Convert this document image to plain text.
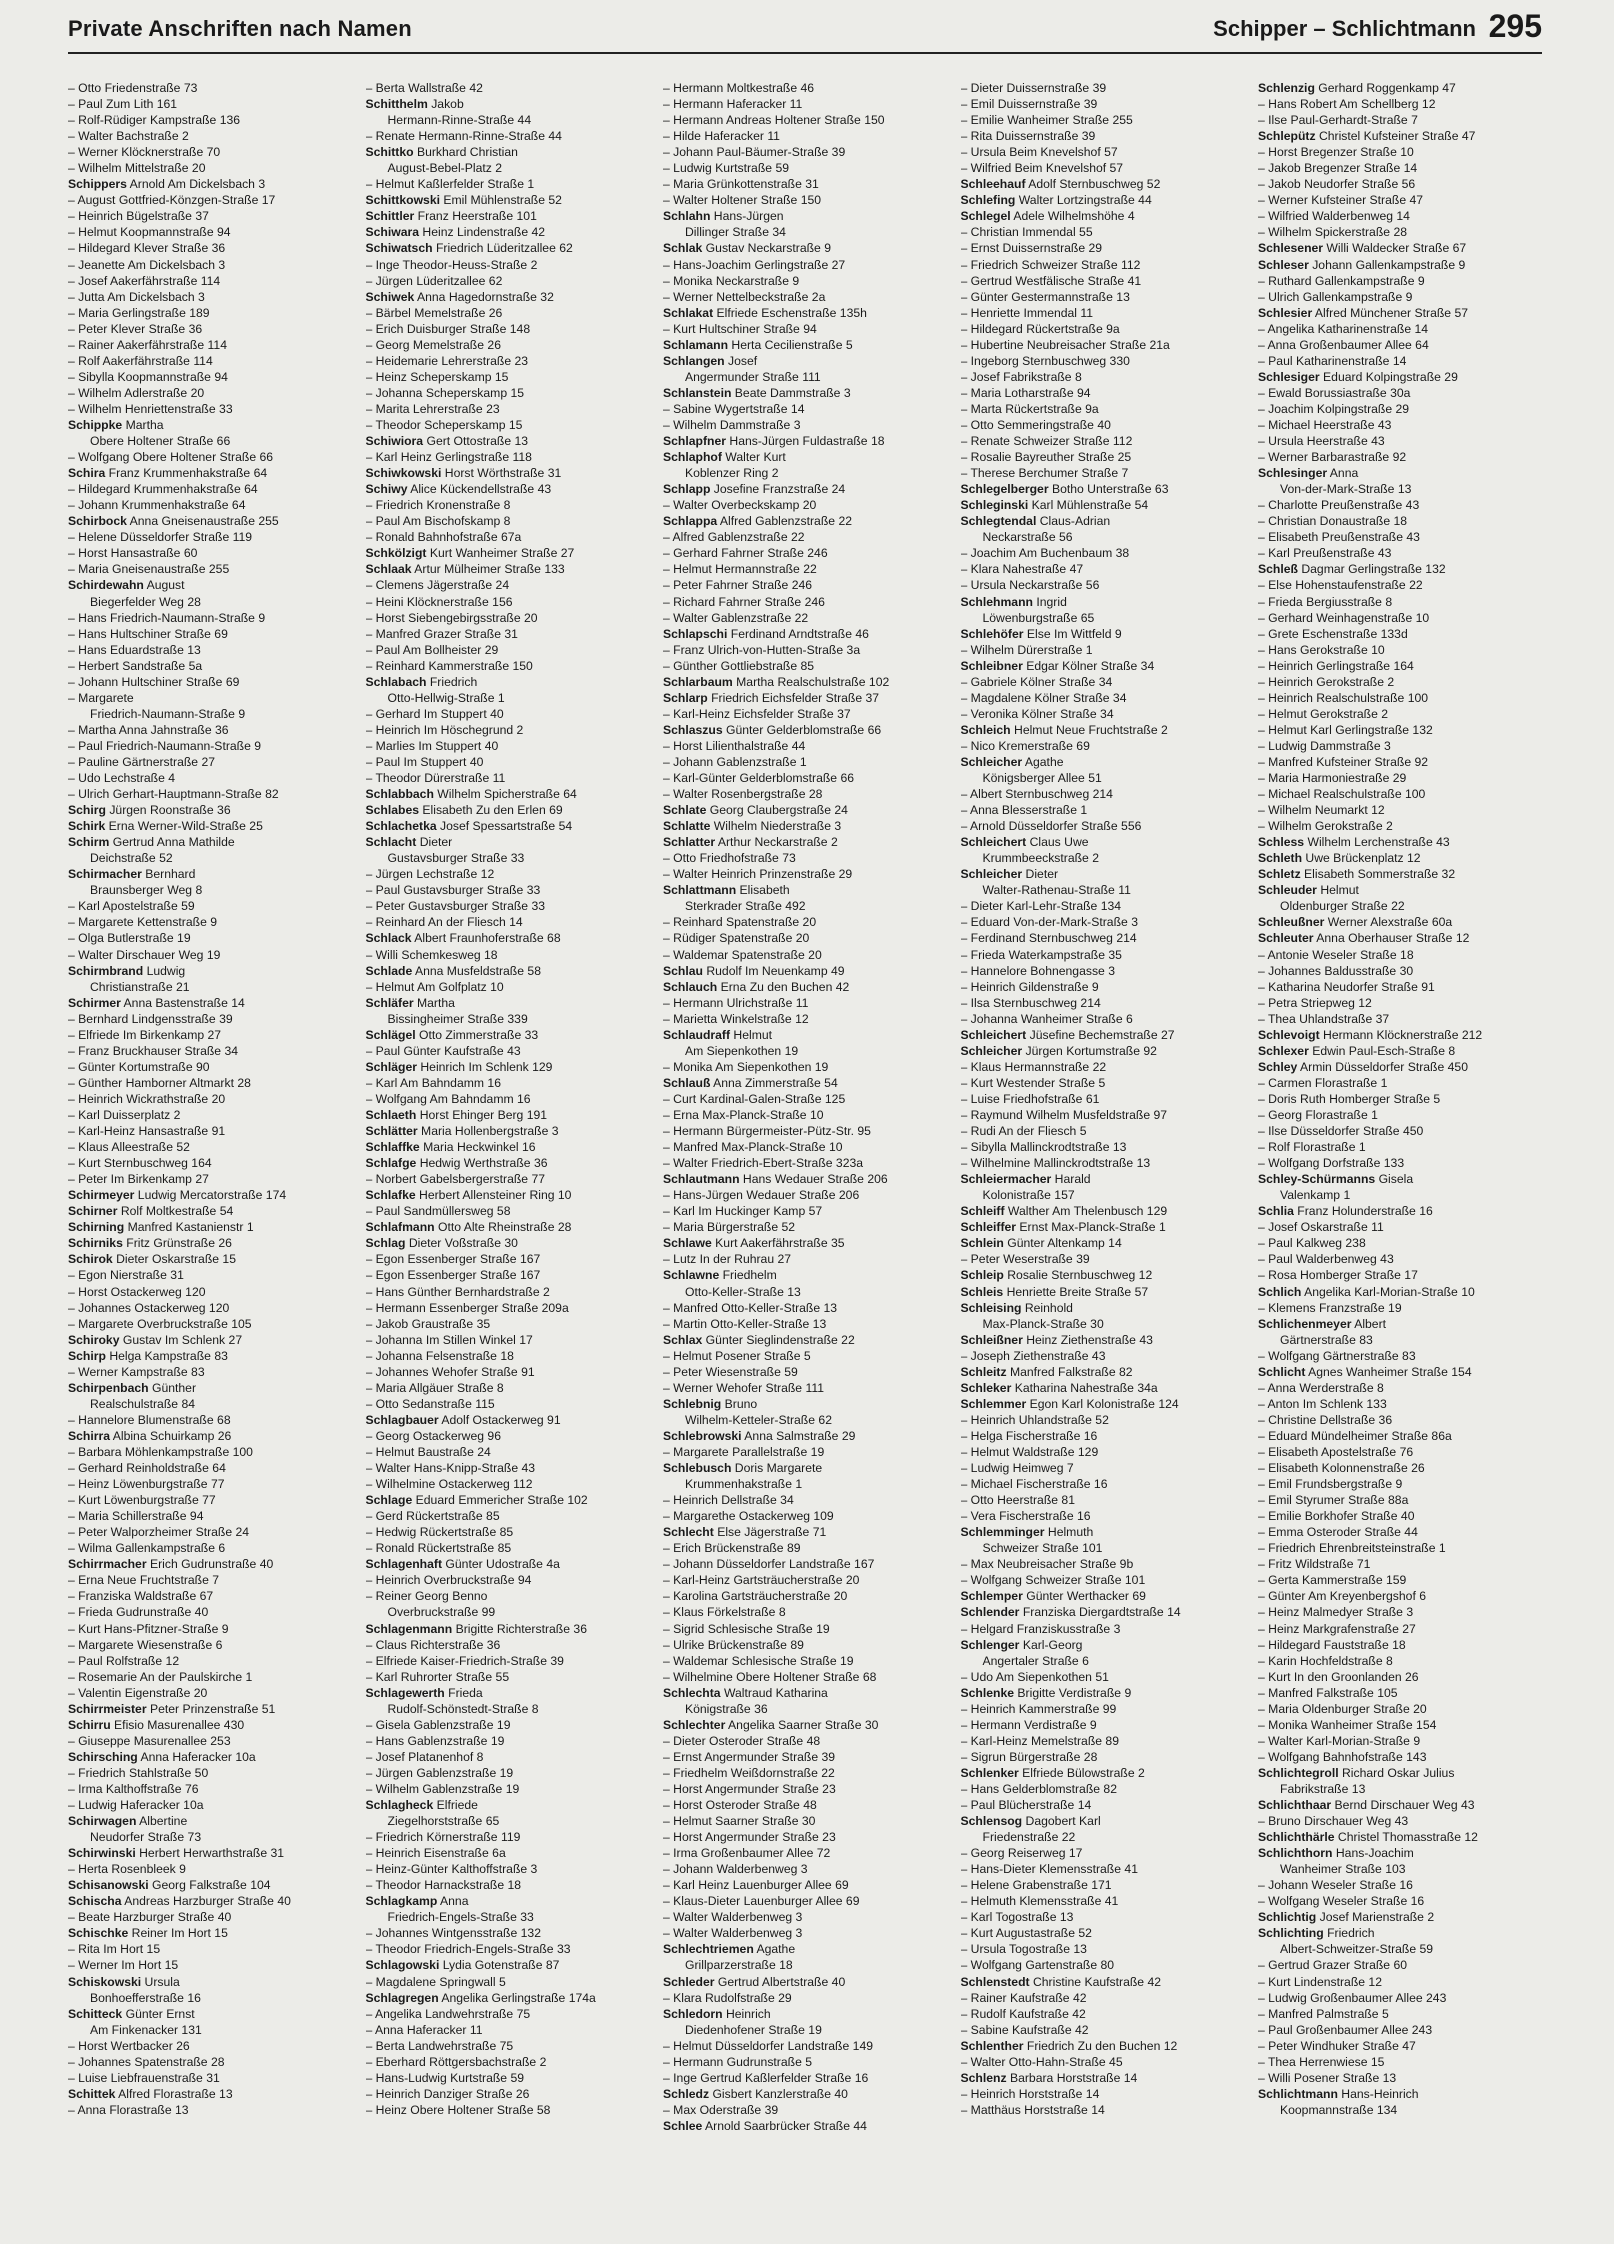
Private Anschriften nach Namen	Schipper – Schlichtmann 295
– Otto Friedenstraße 73
– Paul Zum Lith 161
– Rolf-Rüdiger Kampstraße 136
– Walter Bachstraße 2
– Werner Klöcknerstraße 70
– Wilhelm Mittelstraße 20
Schippers Arnold Am Dickelsbach 3
– August Gottfried-Könzgen-Straße 17
– Heinrich Bügelstraße 37
– Helmut Koopmannstraße 94
– Hildegard Klever Straße 36
– Jeanette Am Dickelsbach 3
– Josef Aakerfährstraße 114
– Jutta Am Dickelsbach 3
– Maria Gerlingstraße 189
– Peter Klever Straße 36
– Rainer Aakerfährstraße 114
– Rolf Aakerfährstraße 114
– Sibylla Koopmannstraße 94
– Wilhelm Adlerstraße 20
– Wilhelm Henriettenstraße 33
Schippke Martha
Obere Holtener Straße 66
– Wolfgang Obere Holtener Straße 66
Schira Franz Krummenhakstraße 64
– Hildegard Krummenhakstraße 64
– Johann Krummenhakstraße 64
Schirbock Anna Gneisenaustraße 255
– Helene Düsseldorfer Straße 119
– Horst Hansastraße 60
– Maria Gneisenaustraße 255
Schirdewahn August
Biegerfelder Weg 28
– Hans Friedrich-Naumann-Straße 9
– Hans Hultschiner Straße 69
– Hans Eduardstraße 13
– Herbert Sandstraße 5a
– Johann Hultschiner Straße 69
– Margarete
Friedrich-Naumann-Straße 9
– Martha Anna Jahnstraße 36
– Paul Friedrich-Naumann-Straße 9
– Pauline Gärtnerstraße 27
– Udo Lechstraße 4
– Ulrich Gerhart-Hauptmann-Straße 82
Schirg Jürgen Roonstraße 36
Schirk Erna Werner-Wild-Straße 25
Schirm Gertrud Anna Mathilde
Deichstraße 52
Schirmacher Bernhard
Braunsberger Weg 8
– Karl Apostelstraße 59
– Margarete Kettenstraße 9
– Olga Butlerstraße 19
– Walter Dirschauer Weg 19
Schirmbrand Ludwig
Christianstraße 21
Schirmer Anna Bastenstraße 14
– Bernhard Lindgensstraße 39
– Elfriede Im Birkenkamp 27
– Franz Bruckhauser Straße 34
– Günter Kortumstraße 90
– Günther Hamborner Altmarkt 28
– Heinrich Wickrathstraße 20
– Karl Duisserplatz 2
– Karl-Heinz Hansastraße 91
– Klaus Alleestraße 52
– Kurt Sternbuschweg 164
– Peter Im Birkenkamp 27
Schirmeyer Ludwig Mercatorstraße 174
Schirner Rolf Moltkestraße 54
Schirning Manfred Kastanienstr 1
Schirniks Fritz Grünstraße 26
Schirok Dieter Oskarstraße 15
– Egon Nierstraße 31
– Horst Ostackerweg 120
– Johannes Ostackerweg 120
– Margarete Overbruckstraße 105
Schiroky Gustav Im Schlenk 27
Schirp Helga Kampstraße 83
– Werner Kampstraße 83
Schirpenbach Günther
Realschulstraße 84
– Hannelore Blumenstraße 68
Schirra Albina Schuirkamp 26
– Barbara Möhlenkampstraße 100
– Gerhard Reinholdstraße 64
– Heinz Löwenburgstraße 77
– Kurt Löwenburgstraße 77
– Maria Schillerstraße 94
– Peter Walporzheimer Straße 24
– Wilma Gallenkampstraße 6
Schirrmacher Erich Gudrunstraße 40
– Erna Neue Fruchtstraße 7
– Franziska Waldstraße 67
– Frieda Gudrunstraße 40
– Kurt Hans-Pfitzner-Straße 9
– Margarete Wiesenstraße 6
– Paul Rolfstraße 12
– Rosemarie An der Paulskirche 1
– Valentin Eigenstraße 20
Schirrmeister Peter Prinzenstraße 51
Schirru Efisio Masurenallee 430
– Giuseppe Masurenallee 253
Schirsching Anna Haferacker 10a
– Friedrich Stahlstraße 50
– Irma Kalthoffstraße 76
– Ludwig Haferacker 10a
Schirwagen Albertine
Neudorfer Straße 73
Schirwinski Herbert Herwarthstraße 31
– Herta Rosenbleek 9
Schisanowski Georg Falkstraße 104
Schischa Andreas Harzburger Straße 40
– Beate Harzburger Straße 40
Schischke Reiner Im Hort 15
– Rita Im Hort 15
– Werner Im Hort 15
Schiskowski Ursula
Bonhoefferstraße 16
Schitteck Günter Ernst
Am Finkenacker 131
– Horst Wertbacker 26
– Johannes Spatenstraße 28
– Luise Liebfrauenstraße 31
Schittek Alfred Florastraße 13
– Anna Florastraße 13
– Berta Wallstraße 42
Schitthelm Jakob
Hermann-Rinne-Straße 44
– Renate Hermann-Rinne-Straße 44
Schittko Burkhard Christian
August-Bebel-Platz 2
– Helmut Kaßlerfelder Straße 1
Schittkowski Emil Mühlenstraße 52
Schittler Franz Heerstraße 101
Schiwara Heinz Lindenstraße 42
Schiwatsch Friedrich Lüderitzallee 62
– Inge Theodor-Heuss-Straße 2
– Jürgen Lüderitzallee 62
Schiwek Anna Hagedornstraße 32
– Bärbel Memelstraße 26
– Erich Duisburger Straße 148
– Georg Memelstraße 26
– Heidemarie Lehrerstraße 23
– Heinz Scheperskamp 15
– Johanna Scheperskamp 15
– Marita Lehrerstraße 23
– Theodor Scheperskamp 15
Schiwiora Gert Ottostraße 13
– Karl Heinz Gerlingstraße 118
Schiwkowski Horst Wörthstraße 31
Schiwy Alice Kückendellstraße 43
– Friedrich Kronenstraße 8
– Paul Am Bischofskamp 8
– Ronald Bahnhofstraße 67a
Schkölzigt Kurt Wanheimer Straße 27
Schlaak Artur Mülheimer Straße 133
– Clemens Jägerstraße 24
– Heini Klöcknerstraße 156
– Horst Siebengebirgsstraße 20
– Manfred Grazer Straße 31
– Paul Am Bollheister 29
– Reinhard Kammerstraße 150
Schlabach Friedrich
Otto-Hellwig-Straße 1
– Gerhard Im Stuppert 40
– Heinrich Im Höschegrund 2
– Marlies Im Stuppert 40
– Paul Im Stuppert 40
– Theodor Dürerstraße 11
Schlabbach Wilhelm Spicherstraße 64
Schlabes Elisabeth Zu den Erlen 69
Schlachetka Josef Spessartstraße 54
Schlacht Dieter
Gustavsburger Straße 33
– Jürgen Lechstraße 12
– Paul Gustavsburger Straße 33
– Peter Gustavsburger Straße 33
– Reinhard An der Fliesch 14
Schlack Albert Fraunhoferstraße 68
– Willi Schemkesweg 18
Schlade Anna Musfeldstraße 58
– Helmut Am Golfplatz 10
Schläfer Martha
Bissingheimer Straße 339
Schlägel Otto Zimmerstraße 33
– Paul Günter Kaufstraße 43
Schläger Heinrich Im Schlenk 129
– Karl Am Bahndamm 16
– Wolfgang Am Bahndamm 16
Schlaeth Horst Ehinger Berg 191
Schlätter Maria Hollenbergstraße 3
Schlaffke Maria Heckwinkel 16
Schlafge Hedwig Werthstraße 36
– Norbert Gabelsbergerstraße 77
Schlafke Herbert Allensteiner Ring 10
– Paul Sandmüllersweg 58
Schlafmann Otto Alte Rheinstraße 28
Schlag Dieter Voßstraße 30
– Egon Essenberger Straße 167
– Egon Essenberger Straße 167
– Hans Günther Bernhardstraße 2
– Hermann Essenberger Straße 209a
– Jakob Graustraße 35
– Johanna Im Stillen Winkel 17
– Johanna Felsenstraße 18
– Johannes Wehofer Straße 91
– Maria Allgäuer Straße 8
– Otto Sedanstraße 115
Schlagbauer Adolf Ostackerweg 91
– Georg Ostackerweg 96
– Helmut Baustraße 24
– Walter Hans-Knipp-Straße 43
– Wilhelmine Ostackerweg 112
Schlage Eduard Emmericher Straße 102
– Gerd Rückertstraße 85
– Hedwig Rückertstraße 85
– Ronald Rückertstraße 85
Schlagenhaft Günter Udostraße 4a
– Heinrich Overbruckstraße 94
– Reiner Georg Benno
Overbruckstraße 99
Schlagenmann Brigitte Richterstraße 36
– Claus Richterstraße 36
– Elfriede Kaiser-Friedrich-Straße 39
– Karl Ruhrorter Straße 55
Schlagewerth Frieda
Rudolf-Schönstedt-Straße 8
– Gisela Gablenzstraße 19
– Hans Gablenzstraße 19
– Josef Platanenhof 8
– Jürgen Gablenzstraße 19
– Wilhelm Gablenzstraße 19
Schlagheck Elfriede
Ziegelhorststraße 65
– Friedrich Körnerstraße 119
– Heinrich Eisenstraße 6a
– Heinz-Günter Kalthoffstraße 3
– Theodor Harnackstraße 18
Schlagkamp Anna
Friedrich-Engels-Straße 33
– Johannes Wintgensstraße 132
– Theodor Friedrich-Engels-Straße 33
Schlagowski Lydia Gotenstraße 87
– Magdalene Springwall 5
Schlagregen Angelika Gerlingstraße 174a
– Angelika Landwehrstraße 75
– Anna Haferacker 11
– Berta Landwehrstraße 75
– Eberhard Röttgersbachstraße 2
– Hans-Ludwig Kurtstraße 59
– Heinrich Danziger Straße 26
– Heinz Obere Holtener Straße 58
– Hermann Moltkestraße 46
– Hermann Haferacker 11
– Hermann Andreas Holtener Straße 150
– Hilde Haferacker 11
– Johann Paul-Bäumer-Straße 39
– Ludwig Kurtstraße 59
– Maria Grünkottenstraße 31
– Walter Holtener Straße 150
Schlahn Hans-Jürgen
Dillinger Straße 34
Schlak Gustav Neckarstraße 9
– Hans-Joachim Gerlingstraße 27
– Monika Neckarstraße 9
– Werner Nettelbeckstraße 2a
Schlakat Elfriede Eschenstraße 135h
– Kurt Hultschiner Straße 94
Schlamann Herta Cecilienstraße 5
Schlangen Josef
Angermunder Straße 111
Schlanstein Beate Dammstraße 3
– Sabine Wygertstraße 14
– Wilhelm Dammstraße 3
Schlapfner Hans-Jürgen Fuldastraße 18
Schlaphof Walter Kurt
Koblenzer Ring 2
Schlapp Josefine Franzstraße 24
– Walter Overbeckskamp 20
Schlappa Alfred Gablenzstraße 22
– Alfred Gablenzstraße 22
– Gerhard Fahrner Straße 246
– Helmut Hermannstraße 22
– Peter Fahrner Straße 246
– Richard Fahrner Straße 246
– Walter Gablenzstraße 22
Schlapschi Ferdinand Arndtstraße 46
– Franz Ulrich-von-Hutten-Straße 3a
– Günther Gottliebstraße 85
Schlarbaum Martha Realschulstraße 102
Schlarp Friedrich Eichsfelder Straße 37
– Karl-Heinz Eichsfelder Straße 37
Schlaszus Günter Gelderblomstraße 66
– Horst Lilienthalstraße 44
– Johann Gablenzstraße 1
– Karl-Günter Gelderblomstraße 66
– Walter Rosenbergstraße 28
Schlate Georg Claubergstraße 24
Schlatte Wilhelm Niederstraße 3
Schlatter Arthur Neckarstraße 2
– Otto Friedhofstraße 73
– Walter Heinrich Prinzenstraße 29
Schlattmann Elisabeth
Sterkrader Straße 492
– Reinhard Spatenstraße 20
– Rüdiger Spatenstraße 20
– Waldemar Spatenstraße 20
Schlau Rudolf Im Neuenkamp 49
Schlauch Erna Zu den Buchen 42
– Hermann Ulrichstraße 11
– Marietta Winkelstraße 12
Schlaudraff Helmut
Am Siepenkothen 19
– Monika Am Siepenkothen 19
Schlauß Anna Zimmerstraße 54
– Curt Kardinal-Galen-Straße 125
– Erna Max-Planck-Straße 10
– Hermann Bürgermeister-Pütz-Str. 95
– Manfred Max-Planck-Straße 10
– Walter Friedrich-Ebert-Straße 323a
Schlautmann Hans Wedauer Straße 206
– Hans-Jürgen Wedauer Straße 206
– Karl Im Huckinger Kamp 57
– Maria Bürgerstraße 52
Schlawe Kurt Aakerfährstraße 35
– Lutz In der Ruhrau 27
Schlawne Friedhelm
Otto-Keller-Straße 13
– Manfred Otto-Keller-Straße 13
– Martin Otto-Keller-Straße 13
Schlax Günter Sieglindenstraße 22
– Helmut Posener Straße 5
– Peter Wiesenstraße 59
– Werner Wehofer Straße 111
Schlebnig Bruno
Wilhelm-Ketteler-Straße 62
Schlebrowski Anna Salmstraße 29
– Margarete Parallelstraße 19
Schlebusch Doris Margarete
Krummenhakstraße 1
– Heinrich Dellstraße 34
– Margarethe Ostackerweg 109
Schlecht Else Jägerstraße 71
– Erich Brückenstraße 89
– Johann Düsseldorfer Landstraße 167
– Karl-Heinz Gartsträucherstraße 20
– Karolina Gartsträucherstraße 20
– Klaus Förkelstraße 8
– Sigrid Schlesische Straße 19
– Ulrike Brückenstraße 89
– Waldemar Schlesische Straße 19
– Wilhelmine Obere Holtener Straße 68
Schlechta Waltraud Katharina
Königstraße 36
Schlechter Angelika Saarner Straße 30
– Dieter Osteroder Straße 48
– Ernst Angermunder Straße 39
– Friedhelm Weißdornstraße 22
– Horst Angermunder Straße 23
– Horst Osteroder Straße 48
– Helmut Saarner Straße 30
– Horst Angermunder Straße 23
– Irma Großenbaumer Allee 72
– Johann Walderbenweg 3
– Karl Heinz Lauenburger Allee 69
– Klaus-Dieter Lauenburger Allee 69
– Walter Walderbenweg 3
– Walter Walderbenweg 3
Schlechtriemen Agathe
Grillparzerstraße 18
Schleder Gertrud Albertstraße 40
– Klara Rudolfstraße 29
Schledorn Heinrich
Diedenhofener Straße 19
– Helmut Düsseldorfer Landstraße 149
– Hermann Gudrunstraße 5
– Inge Gertrud Kaßlerfelder Straße 16
Schledz Gisbert Kanzlerstraße 40
– Max Oderstraße 39
Schlee Arnold Saarbrücker Straße 44
– Dieter Duissernstraße 39
– Emil Duissernstraße 39
– Emilie Wanheimer Straße 255
– Rita Duissernstraße 39
– Ursula Beim Knevelshof 57
– Wilfried Beim Knevelshof 57
Schleehauf Adolf Sternbuschweg 52
Schlefing Walter Lortzingstraße 44
Schlegel Adele Wilhelmshöhe 4
– Christian Immendal 55
– Ernst Duissernstraße 29
– Friedrich Schweizer Straße 112
– Gertrud Westfälische Straße 41
– Günter Gestermannstraße 13
– Henriette Immendal 11
– Hildegard Rückertstraße 9a
– Hubertine Neubreisacher Straße 21a
– Ingeborg Sternbuschweg 330
– Josef Fabrikstraße 8
– Maria Lotharstraße 94
– Marta Rückertstraße 9a
– Otto Semmeringstraße 40
– Renate Schweizer Straße 112
– Rosalie Bayreuther Straße 25
– Therese Berchumer Straße 7
Schlegelberger Botho Unterstraße 63
Schleginski Karl Mühlenstraße 54
Schlegtendal Claus-Adrian
Neckarstraße 56
– Joachim Am Buchenbaum 38
– Klara Nahestraße 47
– Ursula Neckarstraße 56
Schlehmann Ingrid
Löwenburgstraße 65
Schlehöfer Else Im Wittfeld 9
– Wilhelm Dürerstraße 1
Schleibner Edgar Kölner Straße 34
– Gabriele Kölner Straße 34
– Magdalene Kölner Straße 34
– Veronika Kölner Straße 34
Schleich Helmut Neue Fruchtstraße 2
– Nico Kremerstraße 69
Schleicher Agathe
Königsberger Allee 51
– Albert Sternbuschweg 214
– Anna Blesserstraße 1
– Arnold Düsseldorfer Straße 556
Schleichert Claus Uwe
Krummbeeckstraße 2
Schleicher Dieter
Walter-Rathenau-Straße 11
– Dieter Karl-Lehr-Straße 134
– Eduard Von-der-Mark-Straße 3
– Ferdinand Sternbuschweg 214
– Frieda Waterkampstraße 35
– Hannelore Bohnengasse 3
– Heinrich Gildenstraße 9
– Ilsa Sternbuschweg 214
– Johanna Wanheimer Straße 6
Schleichert Jüsefine Bechemstraße 27
Schleicher Jürgen Kortumstraße 92
– Klaus Hermannstraße 22
– Kurt Westender Straße 5
– Luise Friedhofstraße 61
– Raymund Wilhelm Musfeldstraße 97
– Rudi An der Fliesch 5
– Sibylla Mallinckrodtstraße 13
– Wilhelmine Mallinckrodtstraße 13
Schleiermacher Harald
Kolonistraße 157
Schleiff Walther Am Thelenbusch 129
Schleiffer Ernst Max-Planck-Straße 1
Schlein Günter Altenkamp 14
– Peter Weserstraße 39
Schleip Rosalie Sternbuschweg 12
Schleis Henriette Breite Straße 57
Schleising Reinhold
Max-Planck-Straße 30
Schleißner Heinz Ziethenstraße 43
– Joseph Ziethenstraße 43
Schleitz Manfred Falkstraße 82
Schleker Katharina Nahestraße 34a
Schlemmer Egon Karl Kolonistraße 124
– Heinrich Uhlandstraße 52
– Helga Fischerstraße 16
– Helmut Waldstraße 129
– Ludwig Heimweg 7
– Michael Fischerstraße 16
– Otto Heerstraße 81
– Vera Fischerstraße 16
Schlemminger Helmuth
Schweizer Straße 101
– Max Neubreisacher Straße 9b
– Wolfgang Schweizer Straße 101
Schlemper Günter Werthacker 69
Schlender Franziska Diergardtstraße 14
– Helgard Franziskusstraße 3
Schlenger Karl-Georg
Angertaler Straße 6
– Udo Am Siepenkothen 51
Schlenke Brigitte Verdistraße 9
– Heinrich Kammerstraße 99
– Hermann Verdistraße 9
– Karl-Heinz Memelstraße 89
– Sigrun Bürgerstraße 28
Schlenker Elfriede Bülowstraße 2
– Hans Gelderblomstraße 82
– Paul Blücherstraße 14
Schlensog Dagobert Karl
Friedenstraße 22
– Georg Reiserweg 17
– Hans-Dieter Klemensstraße 41
– Helene Grabenstraße 171
– Helmuth Klemensstraße 41
– Karl Togostraße 13
– Kurt Augustastraße 52
– Ursula Togostraße 13
– Wolfgang Gartenstraße 80
Schlenstedt Christine Kaufstraße 42
– Rainer Kaufstraße 42
– Rudolf Kaufstraße 42
– Sabine Kaufstraße 42
Schlenther Friedrich Zu den Buchen 12
– Walter Otto-Hahn-Straße 45
Schlenz Barbara Horststraße 14
– Heinrich Horststraße 14
– Matthäus Horststraße 14
Schlenzig Gerhard Roggenkamp 47
– Hans Robert Am Schellberg 12
– Ilse Paul-Gerhardt-Straße 7
Schlepütz Christel Kufsteiner Straße 47
– Horst Bregenzer Straße 10
– Jakob Bregenzer Straße 14
– Jakob Neudorfer Straße 56
– Werner Kufsteiner Straße 47
– Wilfried Walderbenweg 14
– Wilhelm Spickerstraße 28
Schlesener Willi Waldecker Straße 67
Schleser Johann Gallenkampstraße 9
– Ruthard Gallenkampstraße 9
– Ulrich Gallenkampstraße 9
Schlesier Alfred Münchener Straße 57
– Angelika Katharinenstraße 14
– Anna Großenbaumer Allee 64
– Paul Katharinenstraße 14
Schlesiger Eduard Kolpingstraße 29
– Ewald Borussiastraße 30a
– Joachim Kolpingstraße 29
– Michael Heerstraße 43
– Ursula Heerstraße 43
– Werner Barbarastraße 92
Schlesinger Anna
Von-der-Mark-Straße 13
– Charlotte Preußenstraße 43
– Christian Donaustraße 18
– Elisabeth Preußenstraße 43
– Karl Preußenstraße 43
Schleß Dagmar Gerlingstraße 132
– Else Hohenstaufenstraße 22
– Frieda Bergiusstraße 8
– Gerhard Weinhagenstraße 10
– Grete Eschenstraße 133d
– Hans Gerokstraße 10
– Heinrich Gerlingstraße 164
– Heinrich Gerokstraße 2
– Heinrich Realschulstraße 100
– Helmut Gerokstraße 2
– Helmut Karl Gerlingstraße 132
– Ludwig Dammstraße 3
– Manfred Kufsteiner Straße 92
– Maria Harmoniestraße 29
– Michael Realschulstraße 100
– Wilhelm Neumarkt 12
– Wilhelm Gerokstraße 2
Schless Wilhelm Lerchenstraße 43
Schleth Uwe Brückenplatz 12
Schletz Elisabeth Sommerstraße 32
Schleuder Helmut
Oldenburger Straße 22
Schleußner Werner Alexstraße 60a
Schleuter Anna Oberhauser Straße 12
– Antonie Weseler Straße 18
– Johannes Baldusstraße 30
– Katharina Neudorfer Straße 91
– Petra Striepweg 12
– Thea Uhlandstraße 37
Schlevoigt Hermann Klöcknerstraße 212
Schlexer Edwin Paul-Esch-Straße 8
Schley Armin Düsseldorfer Straße 450
– Carmen Florastraße 1
– Doris Ruth Homberger Straße 5
– Georg Florastraße 1
– Ilse Düsseldorfer Straße 450
– Rolf Florastraße 1
– Wolfgang Dorfstraße 133
Schley-Schürmanns Gisela
Valenkamp 1
Schlia Franz Holunderstraße 16
– Josef Oskarstraße 11
– Paul Kalkweg 238
– Paul Walderbenweg 43
– Rosa Homberger Straße 17
Schlich Angelika Karl-Morian-Straße 10
– Klemens Franzstraße 19
Schlichenmeyer Albert
Gärtnerstraße 83
– Wolfgang Gärtnerstraße 83
Schlicht Agnes Wanheimer Straße 154
– Anna Werderstraße 8
– Anton Im Schlenk 133
– Christine Dellstraße 36
– Eduard Mündelheimer Straße 86a
– Elisabeth Apostelstraße 76
– Elisabeth Kolonnenstraße 26
– Emil Frundsbergstraße 9
– Emil Styrumer Straße 88a
– Emilie Borkhofer Straße 40
– Emma Osteroder Straße 44
– Friedrich Ehrenbreitsteinstraße 1
– Fritz Wildstraße 71
– Gerta Kammerstraße 159
– Günter Am Kreyenbergshof 6
– Heinz Malmedyer Straße 3
– Heinz Markgrafenstraße 27
– Hildegard Fauststraße 18
– Karin Hochfeldstraße 8
– Kurt In den Groonlanden 26
– Manfred Falkstraße 105
– Maria Oldenburger Straße 20
– Monika Wanheimer Straße 154
– Walter Karl-Morian-Straße 9
– Wolfgang Bahnhofstraße 143
Schlichtegroll Richard Oskar Julius
Fabrikstraße 13
Schlichthaar Bernd Dirschauer Weg 43
– Bruno Dirschauer Weg 43
Schlichthärle Christel Thomasstraße 12
Schlichthorn Hans-Joachim
Wanheimer Straße 103
– Johann Weseler Straße 16
– Wolfgang Weseler Straße 16
Schlichtig Josef Marienstraße 2
Schlichting Friedrich
Albert-Schweitzer-Straße 59
– Gertrud Grazer Straße 60
– Kurt Lindenstraße 12
– Ludwig Großenbaumer Allee 243
– Manfred Palmstraße 5
– Paul Großenbaumer Allee 243
– Peter Windhuker Straße 47
– Thea Herrenwiese 15
– Willi Posener Straße 13
Schlichtmann Hans-Heinrich
Koopmannstraße 134
